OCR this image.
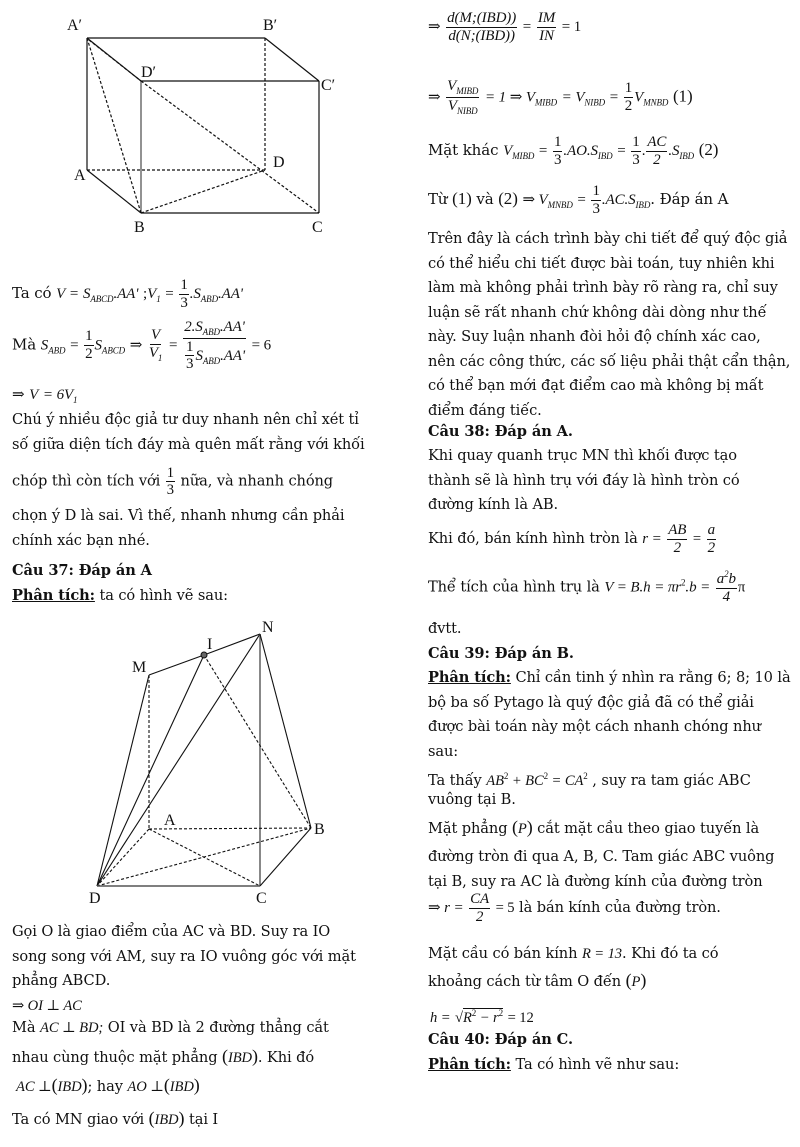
A′	B′
D′
C′
D
A
B	C
Ta có $V = S_{ABCD}.AA'$ $;V_1 = \frac{1}{3} .S_{ABD}.AA'$
Mà $S_{ABD} = \frac{1}{2} S_{ABCD}$ ⇒ $\frac{V}{V_1} = \frac{2.S_{ABD}.AA'}{\frac{1}{3} S_{ABD}.AA'} = 6$
⇒ $V = 6V_1$
Chú ý nhiều độc giả tư duy nhanh nên chỉ xét tỉ
số giữa diện tích đáy mà quên mất rằng với khối
chóp thì còn tích với $\frac{1}{3}$ nữa, và nhanh chóng
chọn ý D là sai. Vì thế, nhanh nhưng cần phải
chính xác bạn nhé.
Câu 37: Đáp án A
Phân tích: ta có hình vẽ sau:
M
I
N
A
B
D	C
Gọi O là giao điểm của AC và BD. Suy ra IO
song song với AM, suy ra IO vuông góc với mặt
phẳng ABCD.
⇒ OI ⊥ AC
Mà AC ⊥ BD; OI và BD là 2 đường thẳng cắt
nhau cùng thuộc mặt phẳng (IBD). Khi đó
AC ⊥(IBD); hay AO ⊥(IBD)
Ta có MN giao với (IBD) tại I
⇒ $\frac{\text{d(M;(IBD))}}{\text{d(N;(IBD))}} = \frac{IM}{IN} = 1$
⇒ $\frac{V_{MIBD}}{V_{NIBD}} = 1$ ⇒ $V_{MIBD} = V_{NIBD} = \frac{1}{2} V_{MNBD}$ (1)
Mặt khác $V_{MIBD} = \frac{1}{3} .AO.S_{IBD} = \frac{1}{3}$ . $\frac{AC}{2} .S_{IBD}$ (2)
Từ (1) và (2) ⇒ $V_{MNBD} = \frac{1}{3} .AC.S_{IBD}$. Đáp án A
Trên đây là cách trình bày chi tiết để quý độc giả
có thể hiểu chi tiết được bài toán, tuy nhiên khi
làm mà không phải trình bày rõ ràng ra, chỉ suy
luận sẽ rất nhanh chứ không dài dòng như thế
này. Suy luận nhanh đòi hỏi độ chính xác cao,
nên các công thức, các số liệu phải thật cẩn thận,
có thể bạn mới đạt điểm cao mà không bị mất
điểm đáng tiếc.
Câu 38: Đáp án A.
Khi quay quanh trục MN thì khối được tạo
thành sẽ là hình trụ với đáy là hình tròn có
đường kính là AB.
Khi đó, bán kính hình tròn là $r = \frac{AB}{2} = \frac{a}{2}$
Thể tích của hình trụ là $V = B.h = \pi r^2.b = \frac{a^2b}{4}$ π
đvtt.
Câu 39: Đáp án B.
Phân tích: Chỉ cần tinh ý nhìn ra rằng 6; 8; 10 là
bộ ba số Pytago là quý độc giả đã có thể giải
được bài toán này một cách nhanh chóng như
sau:
Ta thấy $AB^2 + BC^2 = CA^2$ , suy ra tam giác ABC
vuông tại B.
Mặt phẳng (P) cắt mặt cầu theo giao tuyến là
đường tròn đi qua A, B, C. Tam giác ABC vuông
tại B, suy ra AC là đường kính của đường tròn
⇒ $r = \frac{CA}{2} = 5$ là bán kính của đường tròn.
Mặt cầu có bán kính R = 13. Khi đó ta có
khoảng cách từ tâm O đến (P)
$h = √R^2 - r^2 = 12$
Câu 40: Đáp án C.
Phân tích: Ta có hình vẽ như sau:
